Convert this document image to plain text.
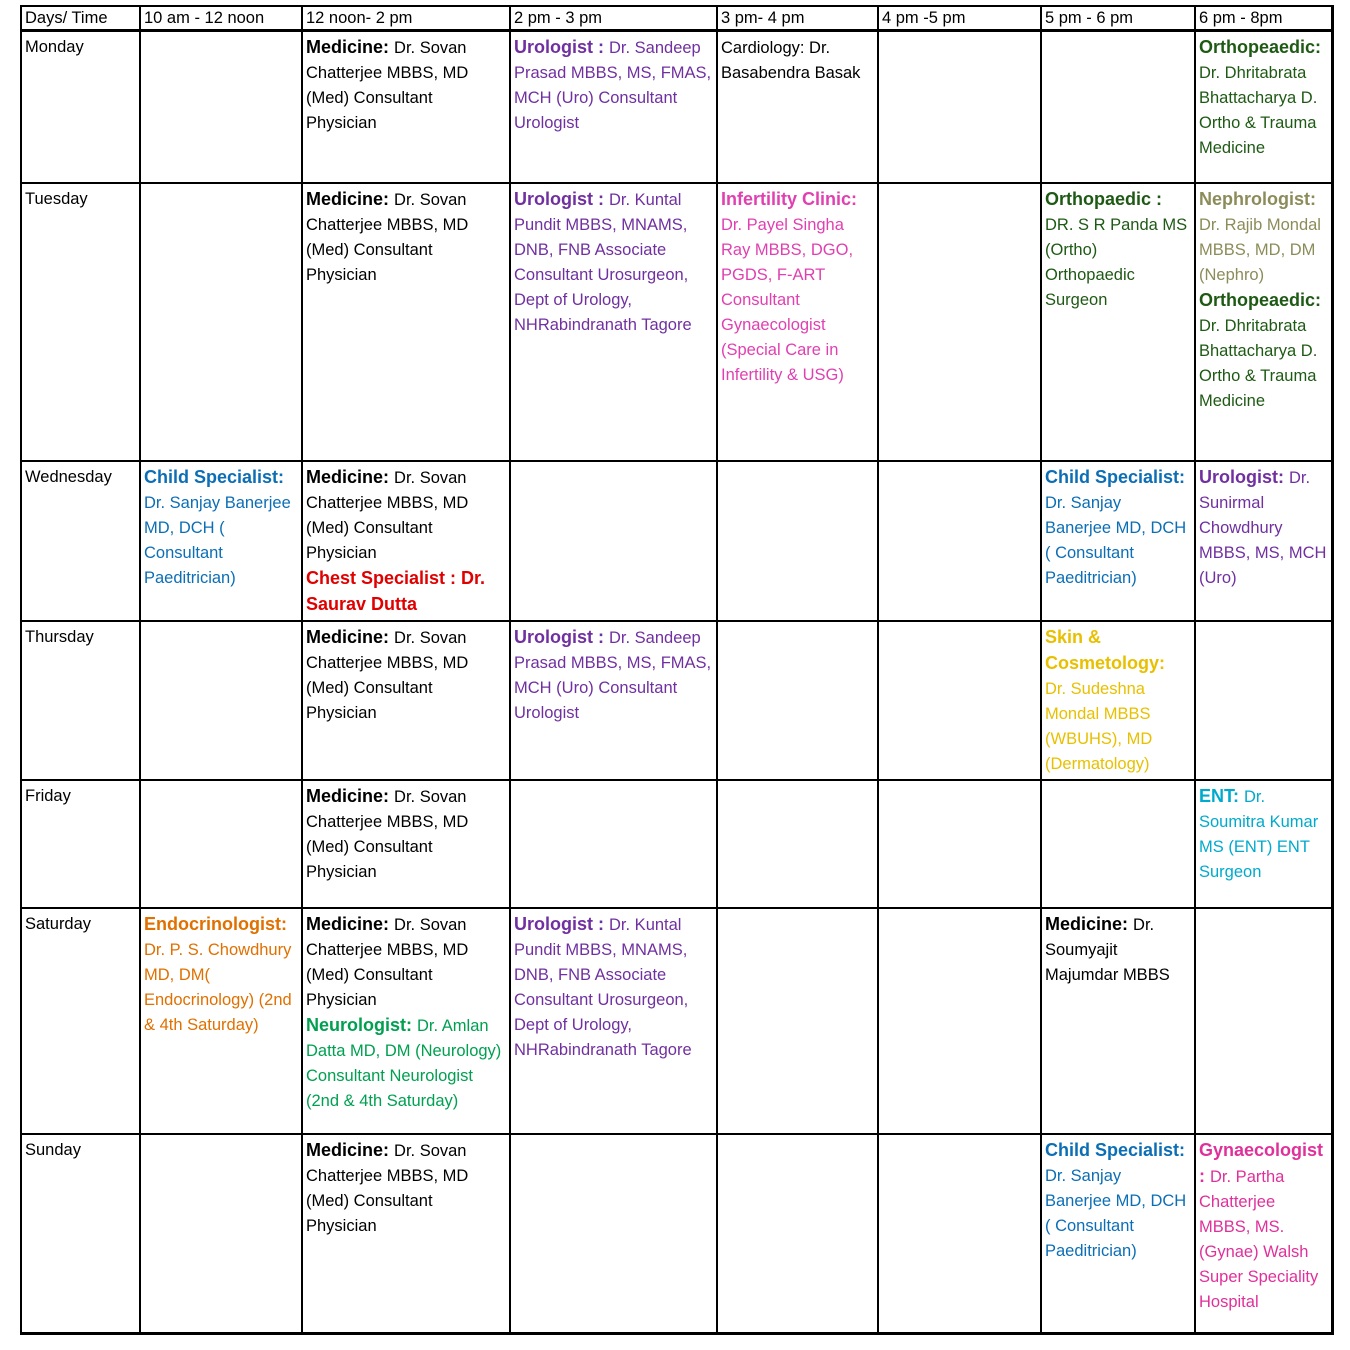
Days/ Time	10 am - 12 noon	12 noon- 2 pm	2 pm - 3 pm	3 pm- 4 pm	4 pm -5 pm	5 pm - 6 pm	6 pm - 8pm

Monday		Medicine: Dr. Sovan Chatterjee MBBS, MD (Med) Consultant Physician	Urologist : Dr. Sandeep Prasad MBBS, MS, FMAS, MCH (Uro) Consultant Urologist	Cardiology: Dr. Basabendra Basak			Orthopeaedic: Dr. Dhritabrata Bhattacharya D. Ortho & Trauma Medicine

Tuesday		Medicine: Dr. Sovan Chatterjee MBBS, MD (Med) Consultant Physician	Urologist : Dr. Kuntal Pundit MBBS, MNAMS, DNB, FNB Associate Consultant Urosurgeon, Dept of Urology, NHRabindranath Tagore	Infertility Clinic: Dr. Payel Singha Ray MBBS, DGO, PGDS, F-ART Consultant Gynaecologist (Special Care in Infertility & USG)		Orthopaedic : DR. S R Panda MS (Ortho) Orthopaedic Surgeon	Nephrologist: Dr. Rajib Mondal MBBS, MD, DM (Nephro)
Orthopeaedic: Dr. Dhritabrata Bhattacharya D. Ortho & Trauma Medicine

Wednesday	Child Specialist: Dr. Sanjay Banerjee MD, DCH ( Consultant Paeditrician)	Medicine: Dr. Sovan Chatterjee MBBS, MD (Med) Consultant Physician
Chest Specialist : Dr. Saurav Dutta				Child Specialist: Dr. Sanjay Banerjee MD, DCH ( Consultant Paeditrician)	Urologist: Dr. Sunirmal Chowdhury MBBS, MS, MCH (Uro)

Thursday		Medicine: Dr. Sovan Chatterjee MBBS, MD (Med) Consultant Physician	Urologist : Dr. Sandeep Prasad MBBS, MS, FMAS, MCH (Uro) Consultant Urologist			Skin & Cosmetology: Dr. Sudeshna Mondal MBBS (WBUHS), MD (Dermatology)	

Friday		Medicine: Dr. Sovan Chatterjee MBBS, MD (Med) Consultant Physician					ENT: Dr. Soumitra Kumar MS (ENT) ENT Surgeon

Saturday	Endocrinologist: Dr. P. S. Chowdhury MD, DM( Endocrinology) (2nd & 4th Saturday)	Medicine: Dr. Sovan Chatterjee MBBS, MD (Med) Consultant Physician
Neurologist: Dr. Amlan Datta MD, DM (Neurology) Consultant Neurologist (2nd & 4th Saturday)	Urologist : Dr. Kuntal Pundit MBBS, MNAMS, DNB, FNB Associate Consultant Urosurgeon, Dept of Urology, NHRabindranath Tagore			Medicine: Dr. Soumyajit Majumdar MBBS	

Sunday		Medicine: Dr. Sovan Chatterjee MBBS, MD (Med) Consultant Physician				Child Specialist: Dr. Sanjay Banerjee MD, DCH ( Consultant Paeditrician)	Gynaecologist: Dr. Partha Chatterjee MBBS, MS. (Gynae) Walsh Super Speciality Hospital
